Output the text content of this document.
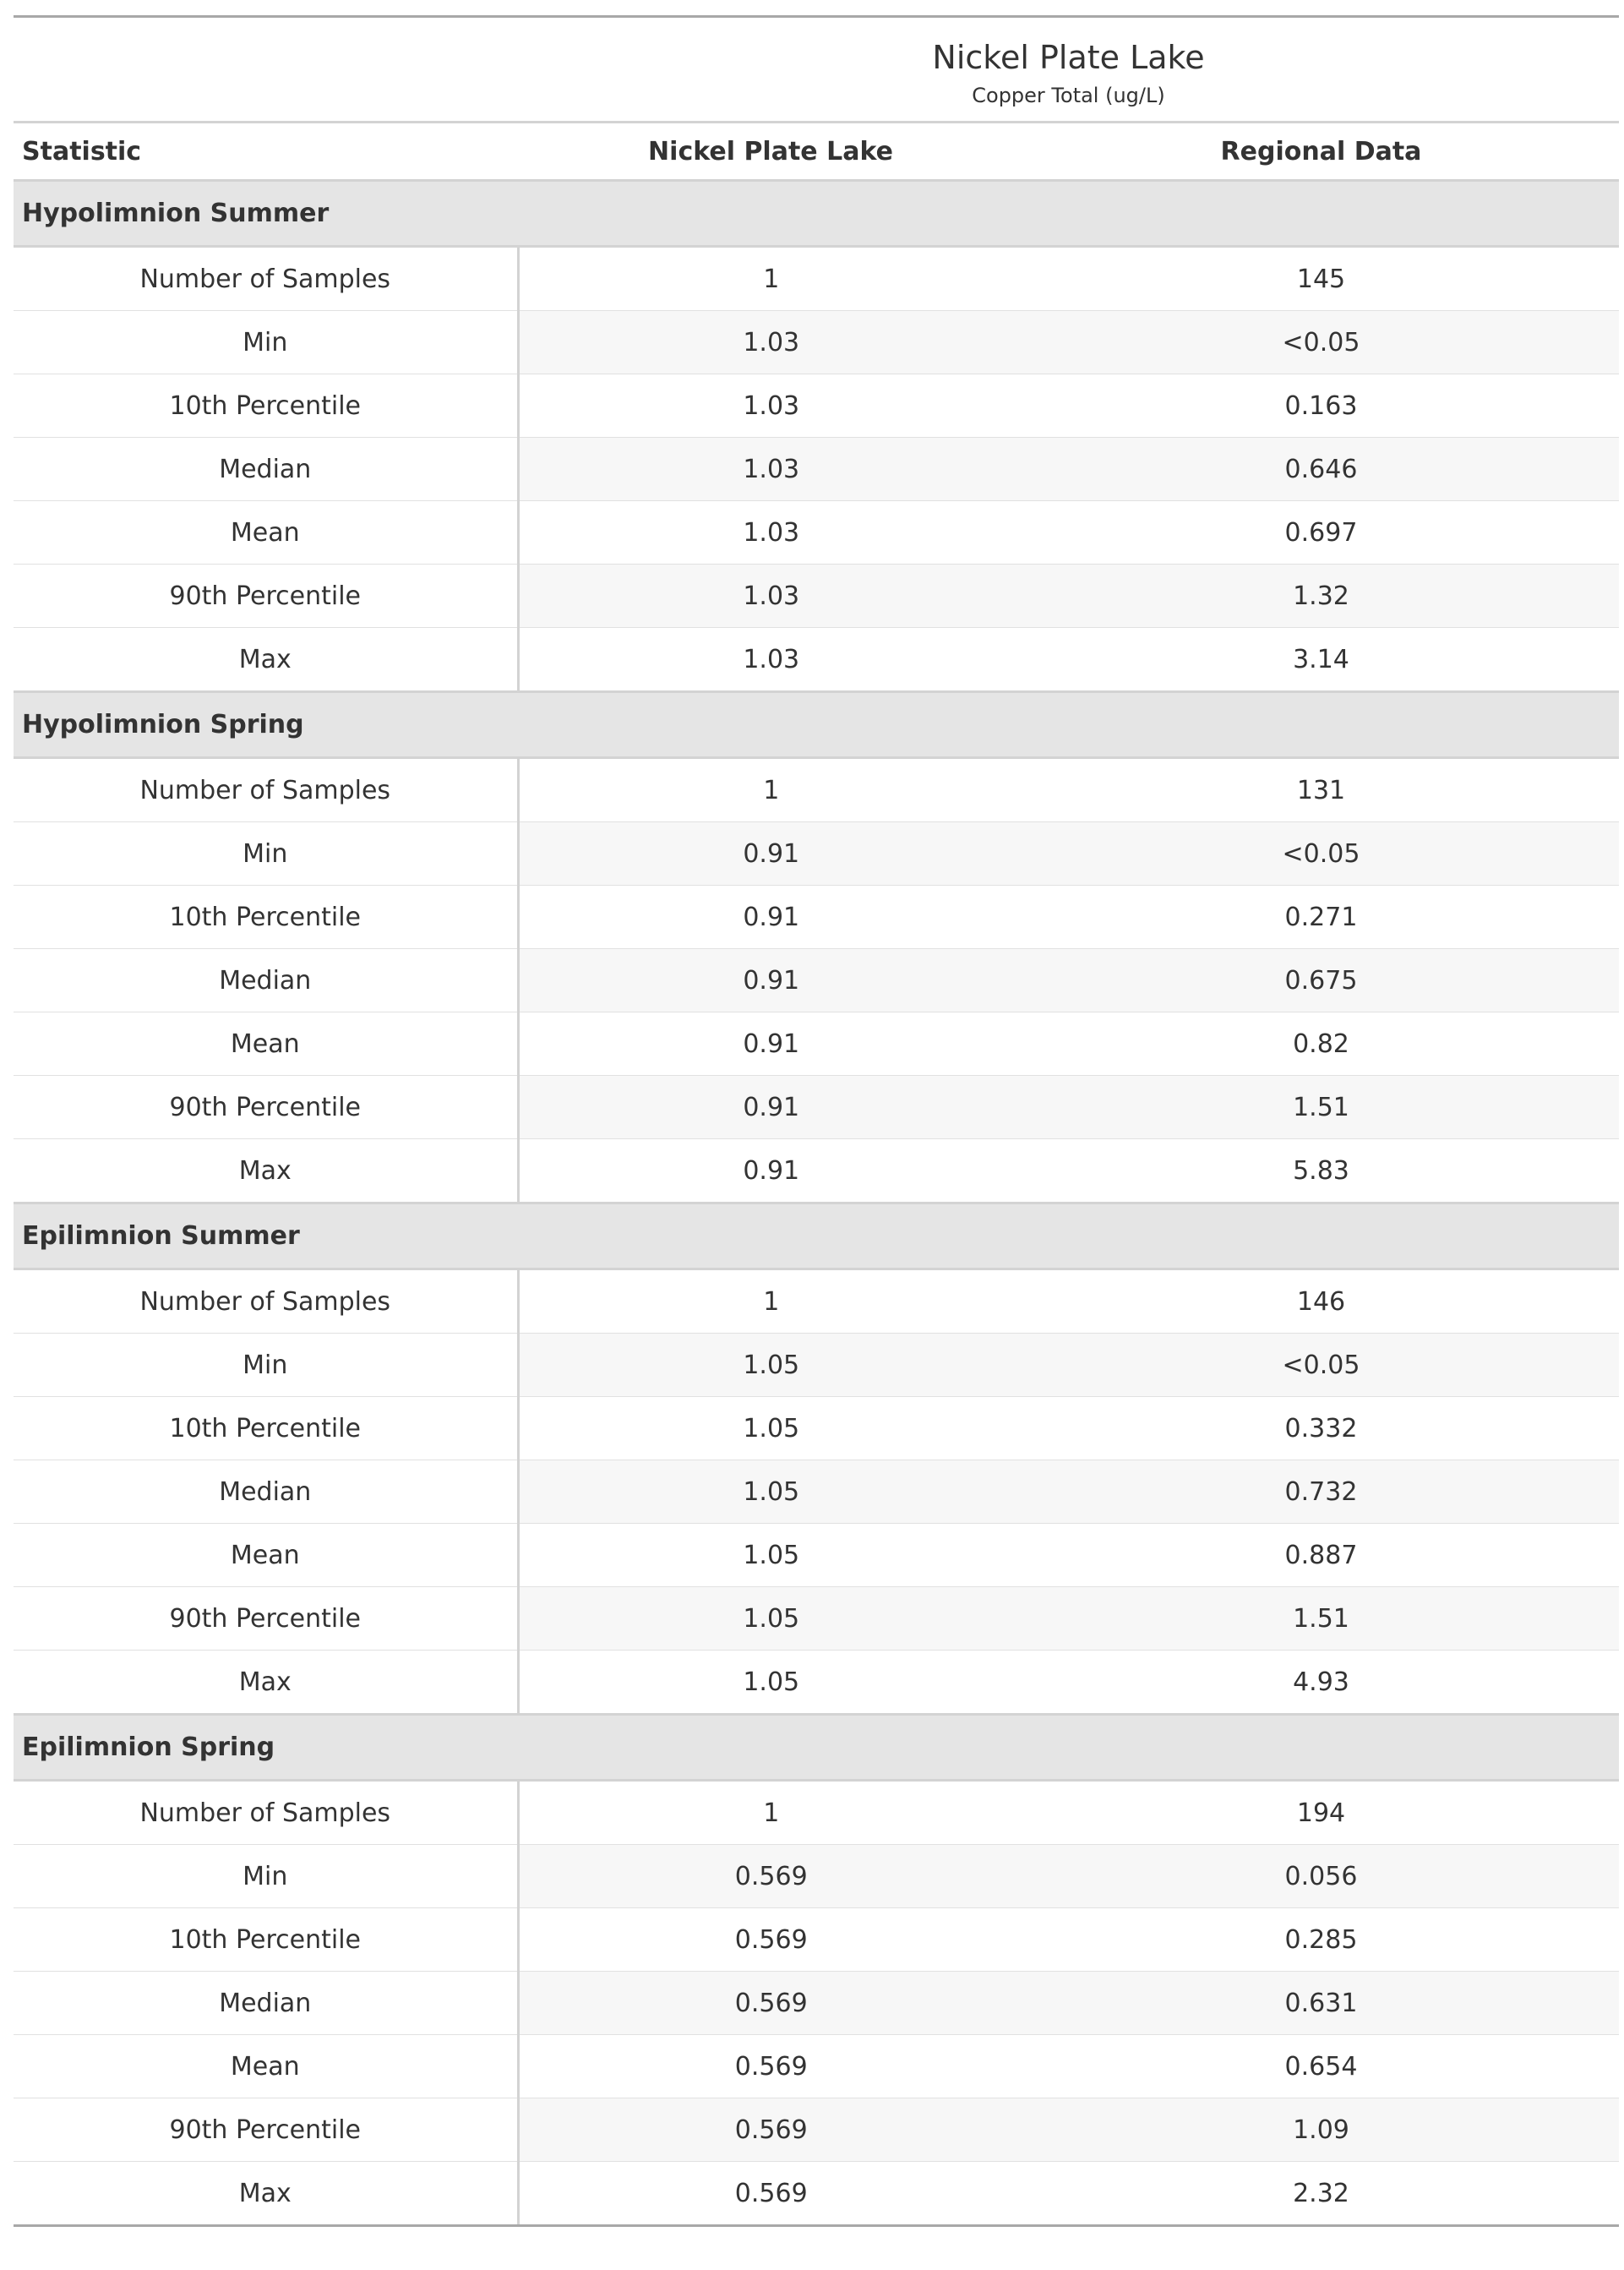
	Nickel Plate Lake	

	Copper Total (ug/L)	

Statistic	Nickel Plate Lake	Regional Data
Hypolimnion Summer		
Number of Samples	1	145
Min	1.03	<0.05
10th Percentile	1.03	0.163
Median	1.03	0.646
Mean	1.03	0.697
90th Percentile	1.03	1.32
Max	1.03	3.14
Hypolimnion Spring		
Number of Samples	1	131
Min	0.91	<0.05
10th Percentile	0.91	0.271
Median	0.91	0.675
Mean	0.91	0.82
90th Percentile	0.91	1.51
Max	0.91	5.83
Epilimnion Summer		
Number of Samples	1	146
Min	1.05	<0.05
10th Percentile	1.05	0.332
Median	1.05	0.732
Mean	1.05	0.887
90th Percentile	1.05	1.51
Max	1.05	4.93
Epilimnion Spring		
Number of Samples	1	194
Min	0.569	0.056
10th Percentile	0.569	0.285
Median	0.569	0.631
Mean	0.569	0.654
90th Percentile	0.569	1.09
Max	0.569	2.32
